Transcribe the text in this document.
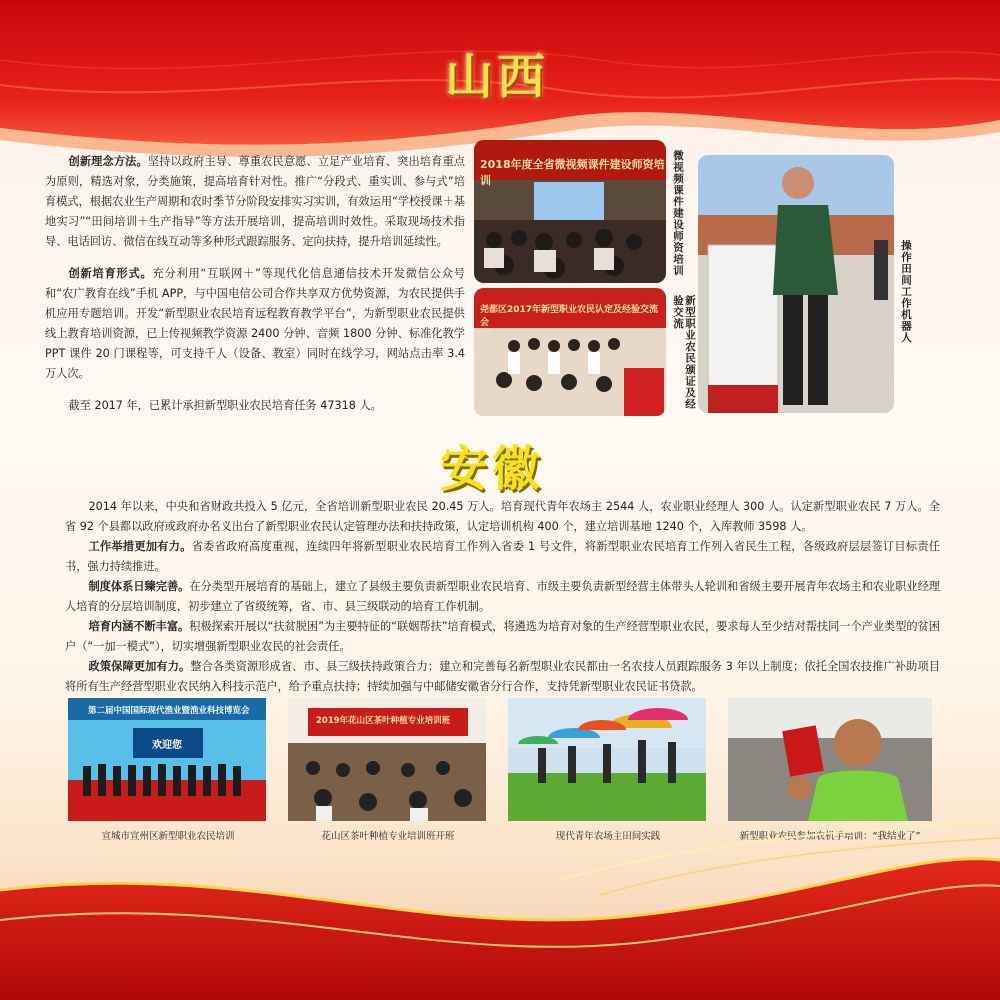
山西

创新理念方法。坚持以政府主导、尊重农民意愿、立足产业培育、突出培育重点为原则，精选对象，分类施策，提高培育针对性。推广“分段式、重实训、参与式”培育模式，根据农业生产周期和农时季节分阶段安排实习实训，有效运用“学校授课＋基地实习”“田间培训＋生产指导”等方法开展培训，提高培训时效性。采取现场技术指导、电话回访、微信在线互动等多种形式跟踪服务、定向扶持，提升培训延续性。

创新培育形式。充分利用“互联网＋”等现代化信息通信技术开发微信公众号和“农广教育在线”手机 APP，与中国电信公司合作共享双方优势资源，为农民提供手机应用专题培训。开发“新型职业农民培育远程教育教学平台”，为新型职业农民提供线上教育培训资源，已上传视频教学资源 2400 分钟、音频 1800 分钟、标准化教学 PPT 课件 20 门课程等，可支持千人（设备、教室）同时在线学习，网站点击率 3.4 万人次。

截至 2017 年，已累计承担新型职业农民培育任务 47318 人。

2018年度全省微视频课件建设师资培训	微视频课件建设师资培训
尧都区2017年新型职业农民认定及经验交流会	新型职业农民颁证及经验交流	操作田间工作机器人
安徽

2014 年以来，中央和省财政共投入 5 亿元，全省培训新型职业农民 20.45 万人。培育现代青年农场主 2544 人，农业职业经理人 300 人。认定新型职业农民 7 万人。全省 92 个县都以政府或政府办名义出台了新型职业农民认定管理办法和扶持政策，认定培训机构 400 个，建立培训基地 1240 个，入库教师 3598 人。

工作举措更加有力。省委省政府高度重视，连续四年将新型职业农民培育工作列入省委 1 号文件，将新型职业农民培育工作列入省民生工程，各级政府层层签订目标责任书，强力持续推进。

制度体系日臻完善。在分类型开展培育的基础上，建立了县级主要负责新型职业农民培育、市级主要负责新型经营主体带头人轮训和省级主要开展青年农场主和农业职业经理人培育的分层培训制度，初步建立了省级统筹，省、市、县三级联动的培育工作机制。

培育内涵不断丰富。积极探索开展以“扶贫脱困”为主要特征的“联姻帮扶”培育模式，将遴选为培育对象的生产经营型职业农民，要求每人至少结对帮扶同一个产业类型的贫困户（“一加一模式”），切实增强新型职业农民的社会责任。

政策保障更加有力。整合各类资源形成省、市、县三级扶持政策合力；建立和完善每名新型职业农民都由一名农技人员跟踪服务 3 年以上制度；依托全国农技推广补助项目将所有生产经营型职业农民纳入科技示范户，给予重点扶持；持续加强与中邮储安徽省分行合作，支持凭新型职业农民证书贷款。

第二届中国国际现代渔业暨渔业科技博览会
欢迎您
宣城市宣州区新型职业农民培训
2019年花山区茶叶种植专业培训班
花山区茶叶种植专业培训班开班	现代青年农场主田间实践	新型职业农民参加农机手培训：“我结业了”
